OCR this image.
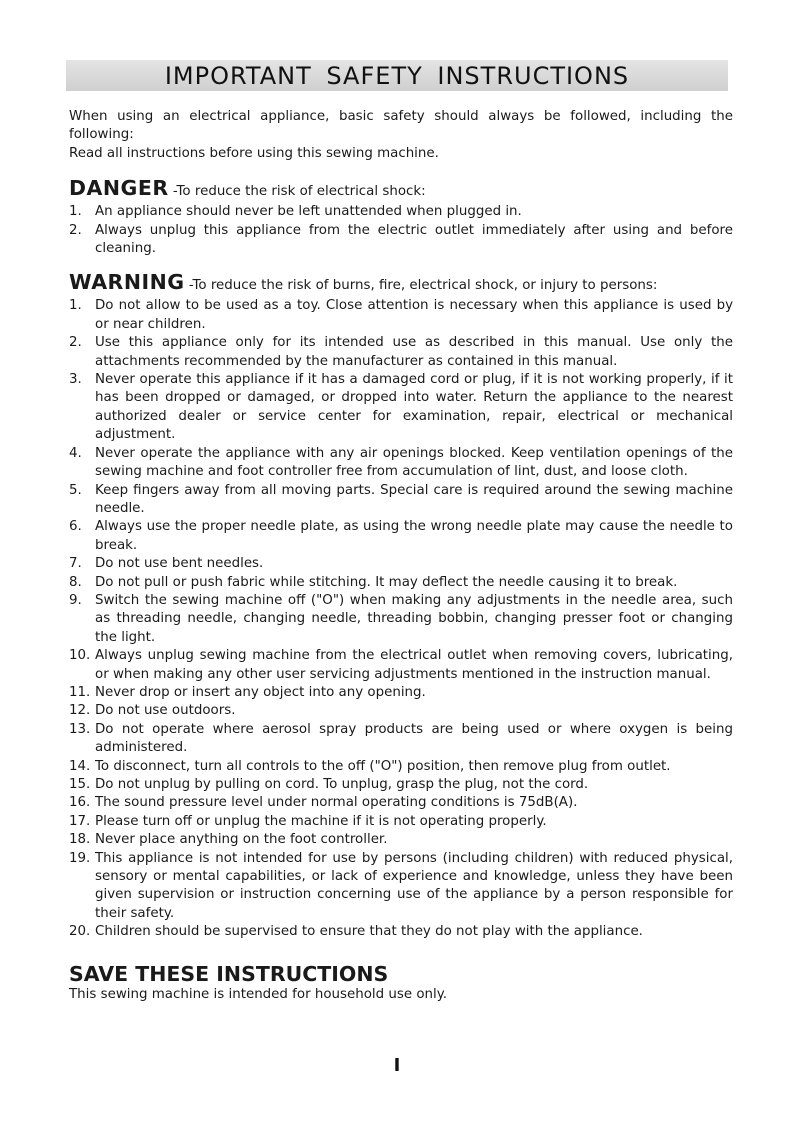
IMPORTANT SAFETY INSTRUCTIONS

When using an electrical appliance, basic safety should always be followed, including the following:

Read all instructions before using this sewing machine.

DANGER -To reduce the risk of electrical shock:
1. An appliance should never be left unattended when plugged in.
2. Always unplug this appliance from the electric outlet immediately after using and before cleaning.
WARNING -To reduce the risk of burns, fire, electrical shock, or injury to persons:
1. Do not allow to be used as a toy. Close attention is necessary when this appliance is used by or near children.
2. Use this appliance only for its intended use as described in this manual. Use only the attachments recommended by the manufacturer as contained in this manual.
3. Never operate this appliance if it has a damaged cord or plug, if it is not working properly, if it has been dropped or damaged, or dropped into water. Return the appliance to the nearest authorized dealer or service center for examination, repair, electrical or mechanical adjustment.
4. Never operate the appliance with any air openings blocked. Keep ventilation openings of the sewing machine and foot controller free from accumulation of lint, dust, and loose cloth.
5. Keep fingers away from all moving parts. Special care is required around the sewing machine needle.
6. Always use the proper needle plate, as using the wrong needle plate may cause the needle to break.
7. Do not use bent needles.
8. Do not pull or push fabric while stitching. It may deflect the needle causing it to break.
9. Switch the sewing machine off ("O") when making any adjustments in the needle area, such as threading needle, changing needle, threading bobbin, changing presser foot or changing the light.
10. Always unplug sewing machine from the electrical outlet when removing covers, lubricating, or when making any other user servicing adjustments mentioned in the instruction manual.
11. Never drop or insert any object into any opening.
12. Do not use outdoors.
13. Do not operate where aerosol spray products are being used or where oxygen is being administered.
14. To disconnect, turn all controls to the off ("O") position, then remove plug from outlet.
15. Do not unplug by pulling on cord. To unplug, grasp the plug, not the cord.
16. The sound pressure level under normal operating conditions is 75dB(A).
17. Please turn off or unplug the machine if it is not operating properly.
18. Never place anything on the foot controller.
19. This appliance is not intended for use by persons (including children) with reduced physical, sensory or mental capabilities, or lack of experience and knowledge, unless they have been given supervision or instruction concerning use of the appliance by a person responsible for their safety.
20. Children should be supervised to ensure that they do not play with the appliance.
SAVE THESE INSTRUCTIONS

This sewing machine is intended for household use only.

I
